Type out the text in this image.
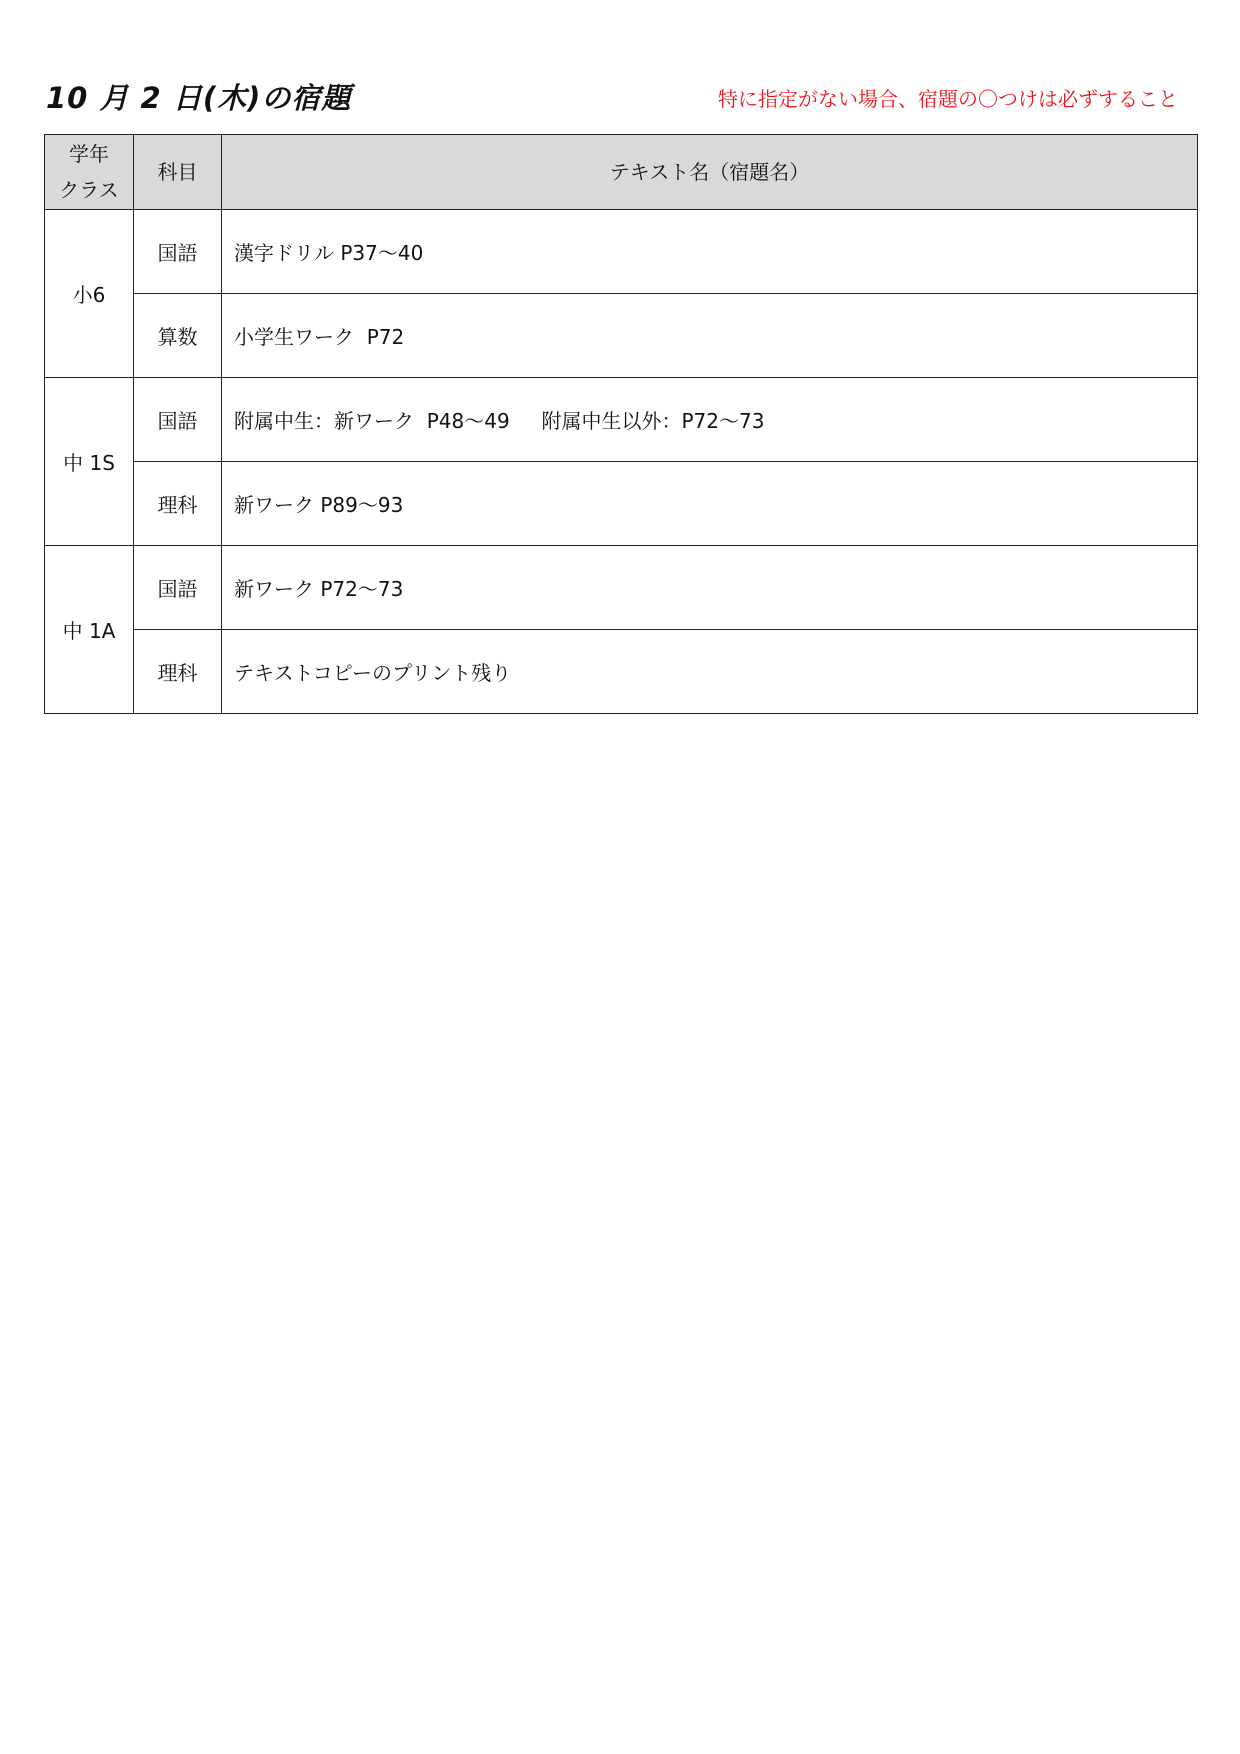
10 月 2 日(木)の宿題	特に指定がない場合、宿題の〇つけは必ずすること
学年
クラス	科目	テキスト名（宿題名）
小6	国語	漢字ドリル P37〜40
	算数	小学生ワーク  P72
中 1S	国語	附属中生：新ワーク  P48〜49     附属中生以外：P72〜73
	理科	新ワーク P89〜93
中 1A	国語	新ワーク P72〜73
	理科	テキストコピーのプリント残り
